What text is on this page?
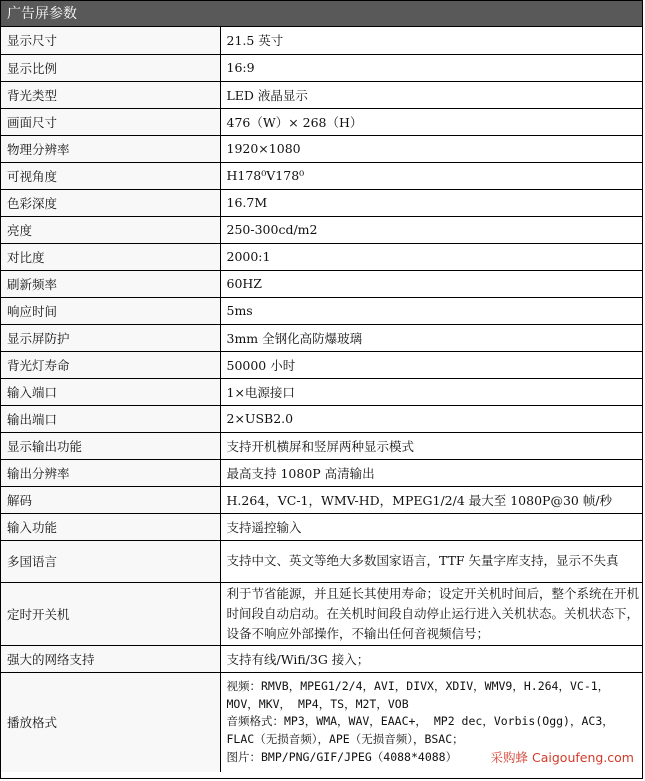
广告屏参数
显示尺寸	21.5 英寸
显示比例	16:9
背光类型	LED 液晶显示
画面尺寸	476（W）× 268（H）
物理分辨率	1920×1080
可视角度	H178⁰V178⁰
色彩深度	16.7M
亮度	250-300cd/m2
对比度	2000:1
刷新频率	60HZ
响应时间	5ms
显示屏防护	3mm 全钢化高防爆玻璃
背光灯寿命	50000 小时
输入端口	1×电源接口
输出端口	2×USB2.0
显示输出功能	支持开机横屏和竖屏两种显示模式
输出分辨率	最高支持 1080P 高清输出
解码	H.264，VC-1，WMV-HD，MPEG1/2/4 最大至 1080P@30 帧/秒
输入功能	支持遥控输入
多国语言	支持中文、英文等绝大多数国家语言，TTF 矢量字库支持，显示不失真
定时开关机	利于节省能源，并且延长其使用寿命；设定开关机时间后，整个系统在开机时间段自动启动。在关机时间段自动停止运行进入关机状态。关机状态下，设备不响应外部操作，不输出任何音视频信号；
强大的网络支持	支持有线/Wifi/3G 接入；
播放格式	视频：RMVB，MPEG1/2/4，AVI，DIVX，XDIV，WMV9，H.264，VC-1，
MOV，MKV， MP4，TS，M2T，VOB
音频格式：MP3，WMA，WAV，EAAC+， MP2 dec，Vorbis(Ogg)，AC3，
FLAC（无损音频），APE（无损音频），BSAC；
图片：BMP/PNG/GIF/JPEG（4088*4088）	采购蜂 Caigoufeng.com
